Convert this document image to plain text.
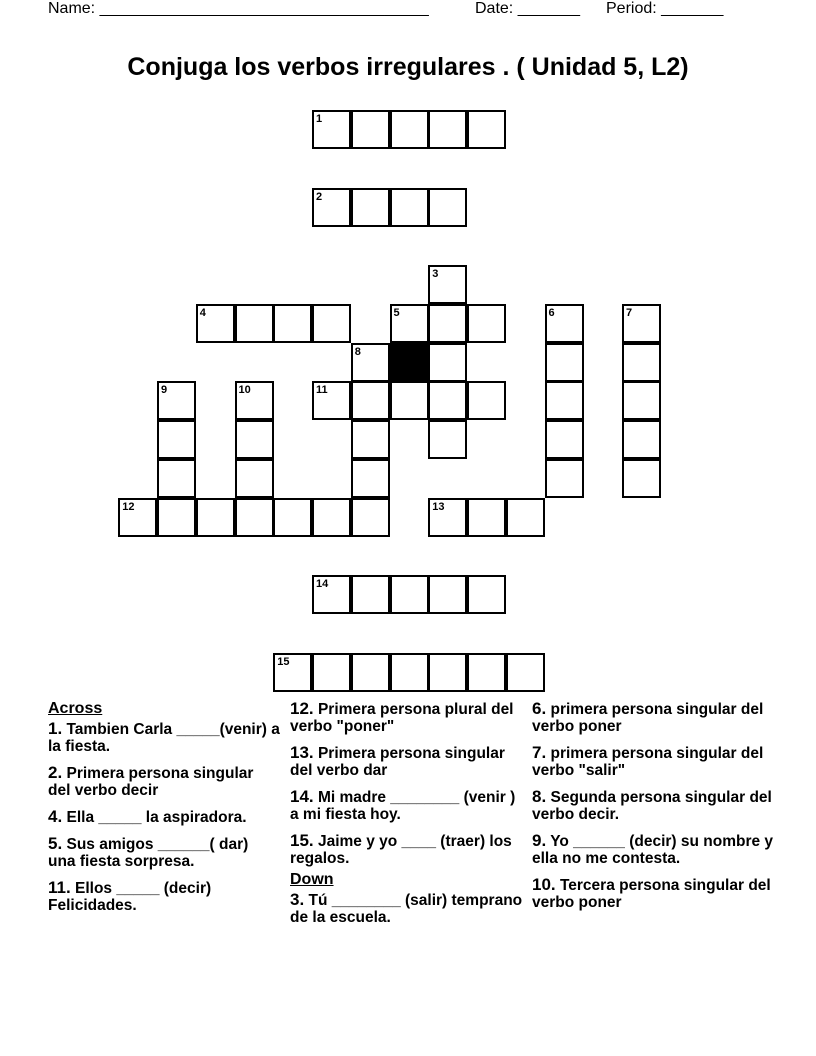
Name: _____________________________________	Date: _______ Period: _______
Conjuga los verbos irregulares . ( Unidad 5, L2)
1
2
3
4	5	6	7
8
9	10	11
12	13
14
15
Across
1. Tambien Carla _____(venir) a la fiesta.
2. Primera persona singular del verbo decir
4. Ella _____ la aspiradora.
5. Sus amigos ______( dar) una fiesta sorpresa.
11. Ellos _____ (decir) Felicidades.
12. Primera persona plural del verbo "poner"
13. Primera persona singular del verbo dar
14. Mi madre ________ (venir ) a mi fiesta hoy.
15. Jaime y yo ____ (traer) los regalos.
Down
3. Tú ________ (salir) temprano de la escuela.
6. primera persona singular del verbo poner
7. primera persona singular del verbo "salir"
8. Segunda persona singular del verbo decir.
9. Yo ______ (decir) su nombre y ella no me contesta.
10. Tercera persona singular del verbo poner
